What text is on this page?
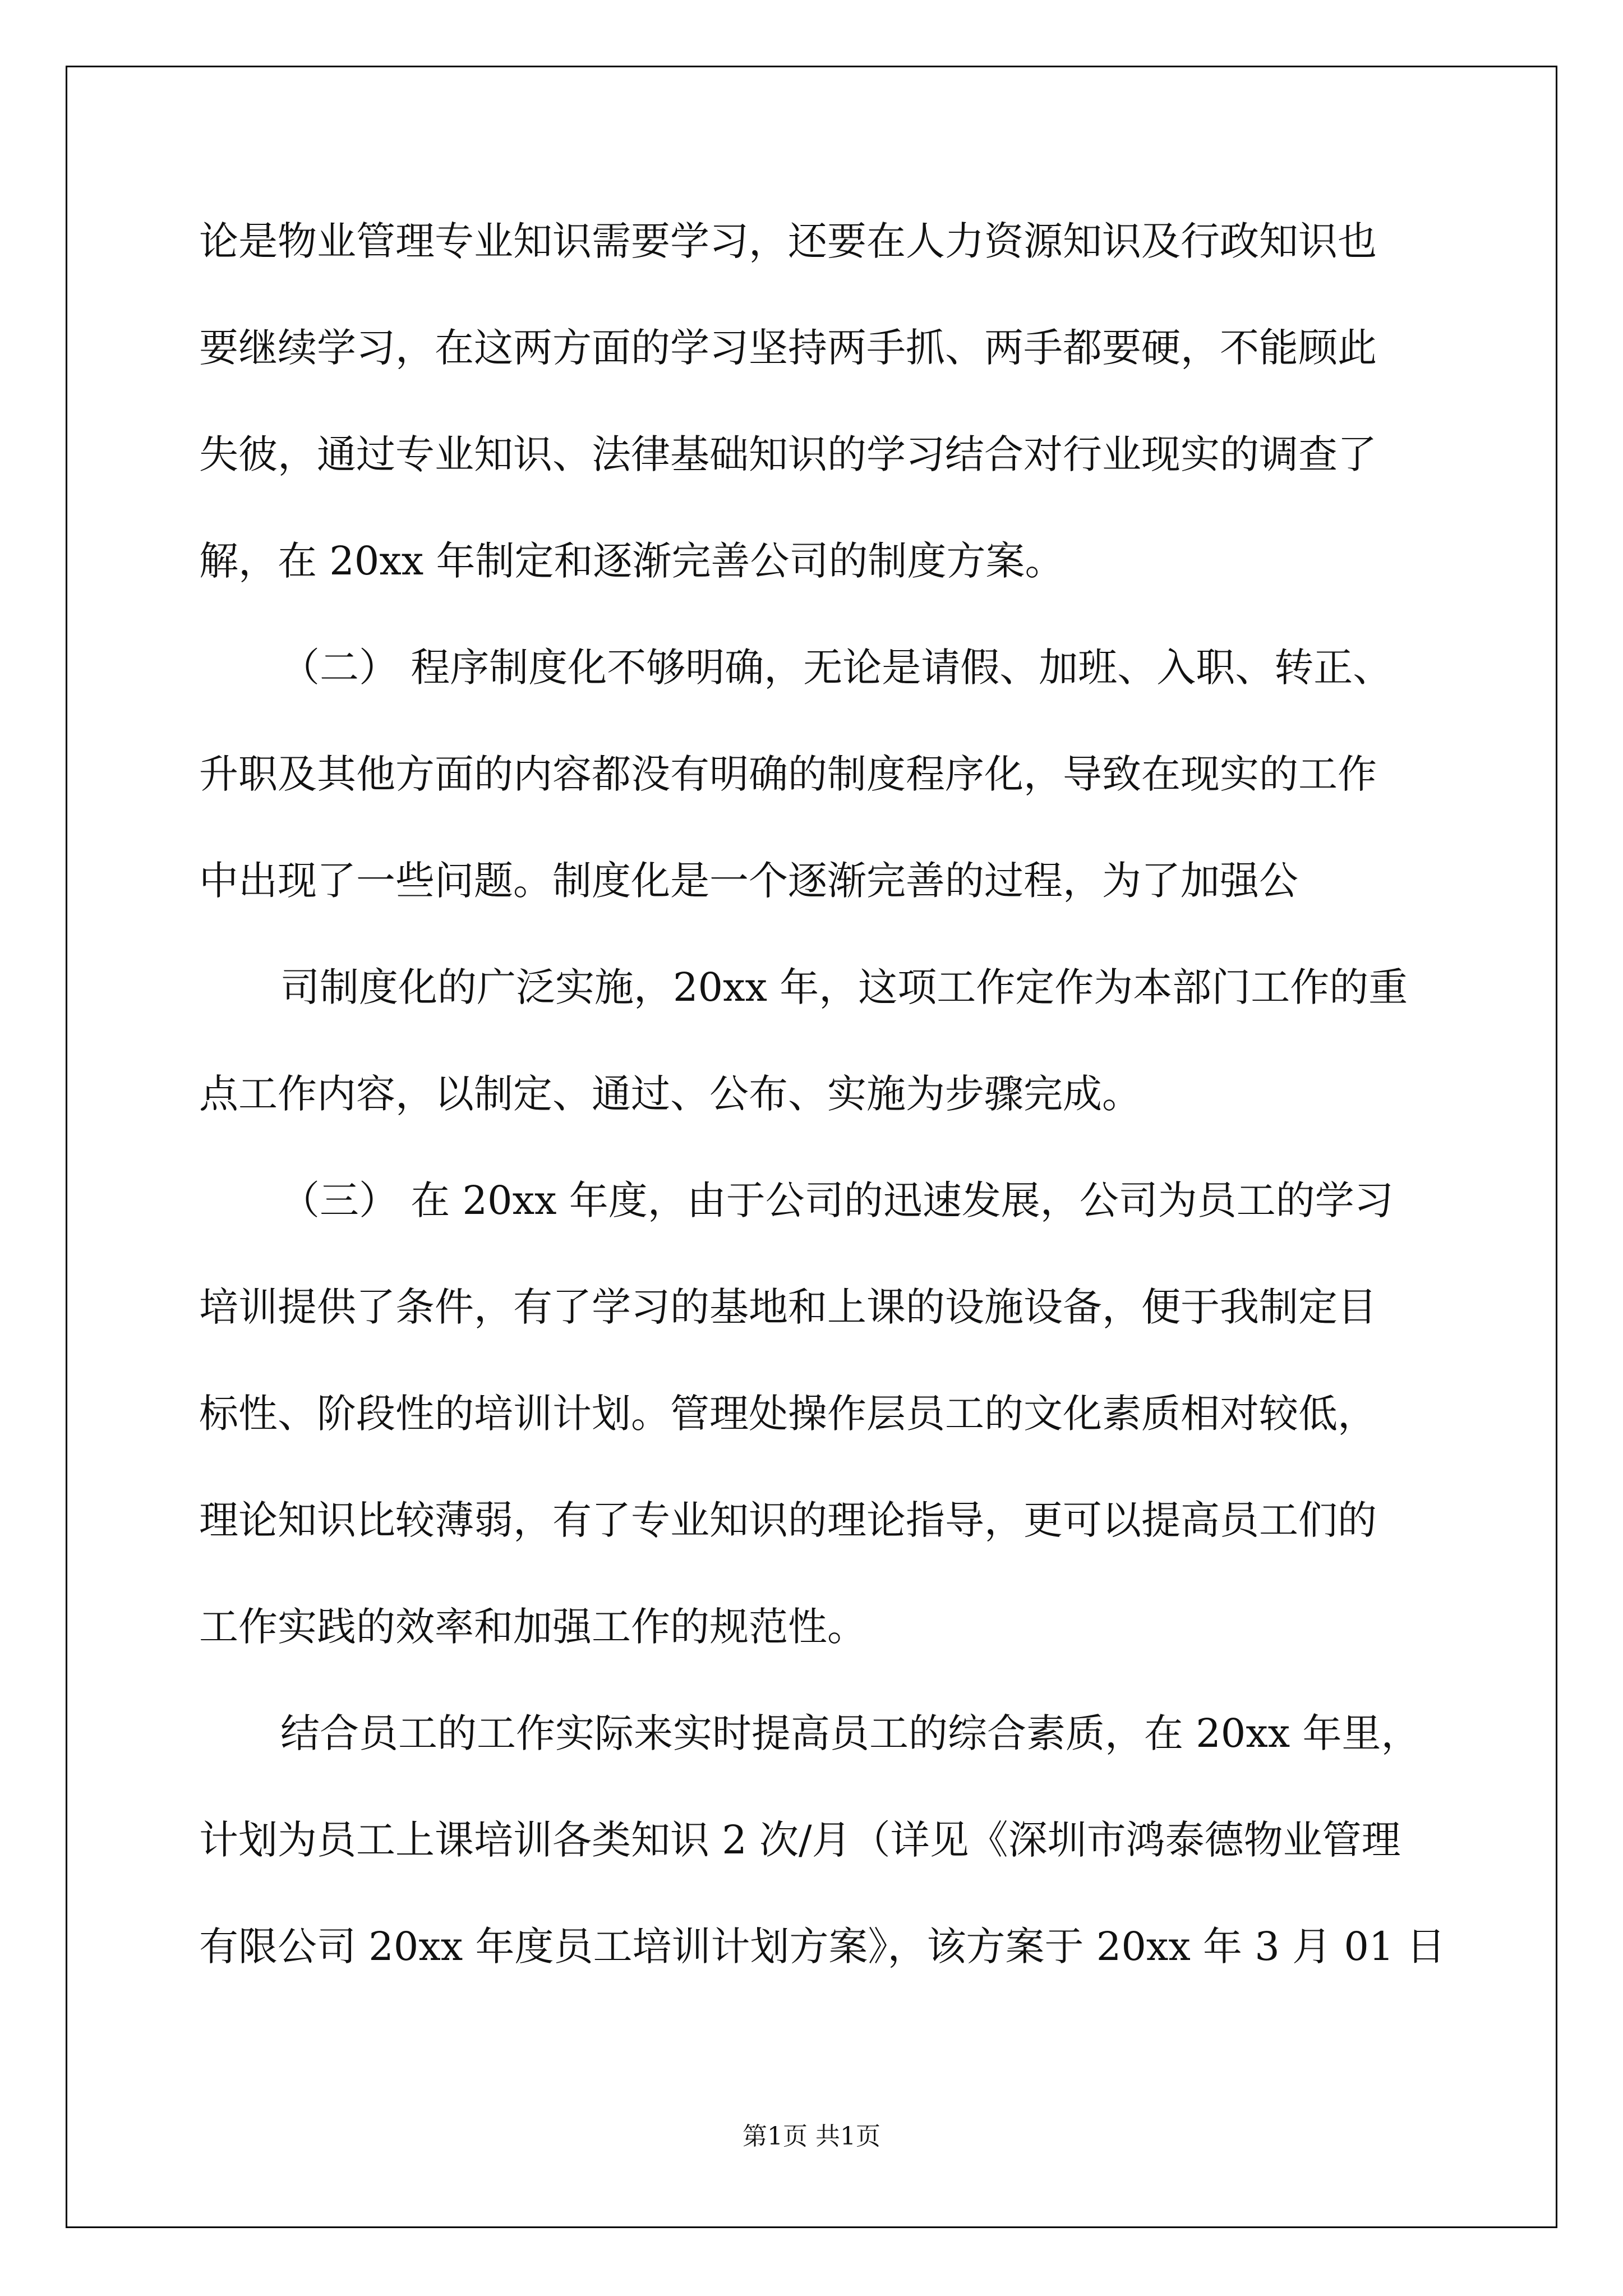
论是物业管理专业知识需要学习，还要在人力资源知识及行政知识也
要继续学习，在这两方面的学习坚持两手抓、两手都要硬，不能顾此
失彼，通过专业知识、法律基础知识的学习结合对行业现实的调查了
解，在 20xx 年制定和逐渐完善公司的制度方案。
（二） 程序制度化不够明确，无论是请假、加班、入职、转正、
升职及其他方面的内容都没有明确的制度程序化，导致在现实的工作
中出现了一些问题。制度化是一个逐渐完善的过程，为了加强公
司制度化的广泛实施，20xx 年，这项工作定作为本部门工作的重
点工作内容，以制定、通过、公布、实施为步骤完成。
（三） 在 20xx 年度，由于公司的迅速发展，公司为员工的学习
培训提供了条件，有了学习的基地和上课的设施设备，便于我制定目
标性、阶段性的培训计划。管理处操作层员工的文化素质相对较低，
理论知识比较薄弱，有了专业知识的理论指导，更可以提高员工们的
工作实践的效率和加强工作的规范性。
结合员工的工作实际来实时提高员工的综合素质，在 20xx 年里，
计划为员工上课培训各类知识 2 次/月（详见《深圳市鸿泰德物业管理
有限公司 20xx 年度员工培训计划方案》，该方案于 20xx 年 3 月 01 日
第1页 共1页
